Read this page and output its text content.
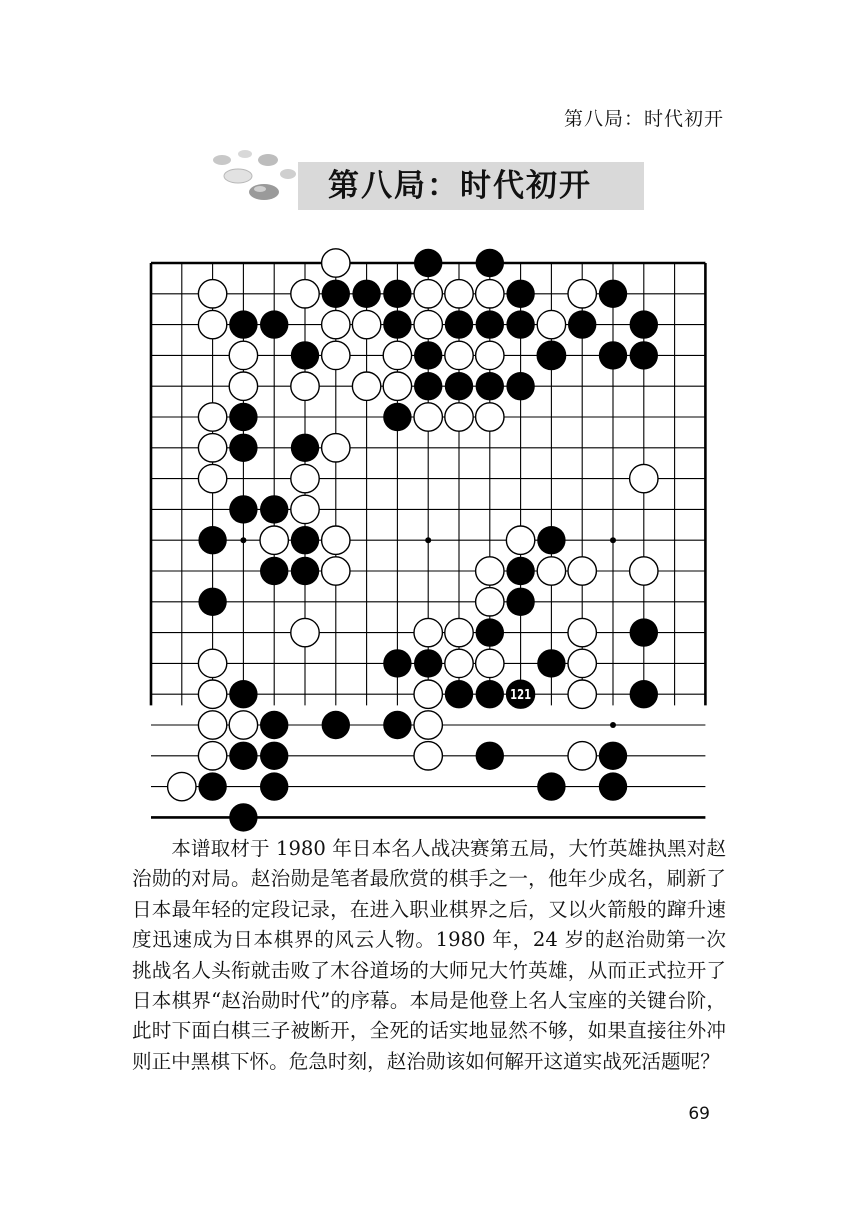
第八局：时代初开
第八局：时代初开
121
本谱取材于 1980 年日本名人战决赛第五局，大竹英雄执黑对赵治勋的对局。赵治勋是笔者最欣赏的棋手之一，他年少成名，刷新了日本最年轻的定段记录，在进入职业棋界之后，又以火箭般的蹿升速度迅速成为日本棋界的风云人物。1980 年，24 岁的赵治勋第一次挑战名人头衔就击败了木谷道场的大师兄大竹英雄，从而正式拉开了日本棋界“赵治勋时代”的序幕。本局是他登上名人宝座的关键台阶，此时下面白棋三子被断开，全死的话实地显然不够，如果直接往外冲则正中黑棋下怀。危急时刻，赵治勋该如何解开这道实战死活题呢？
69
